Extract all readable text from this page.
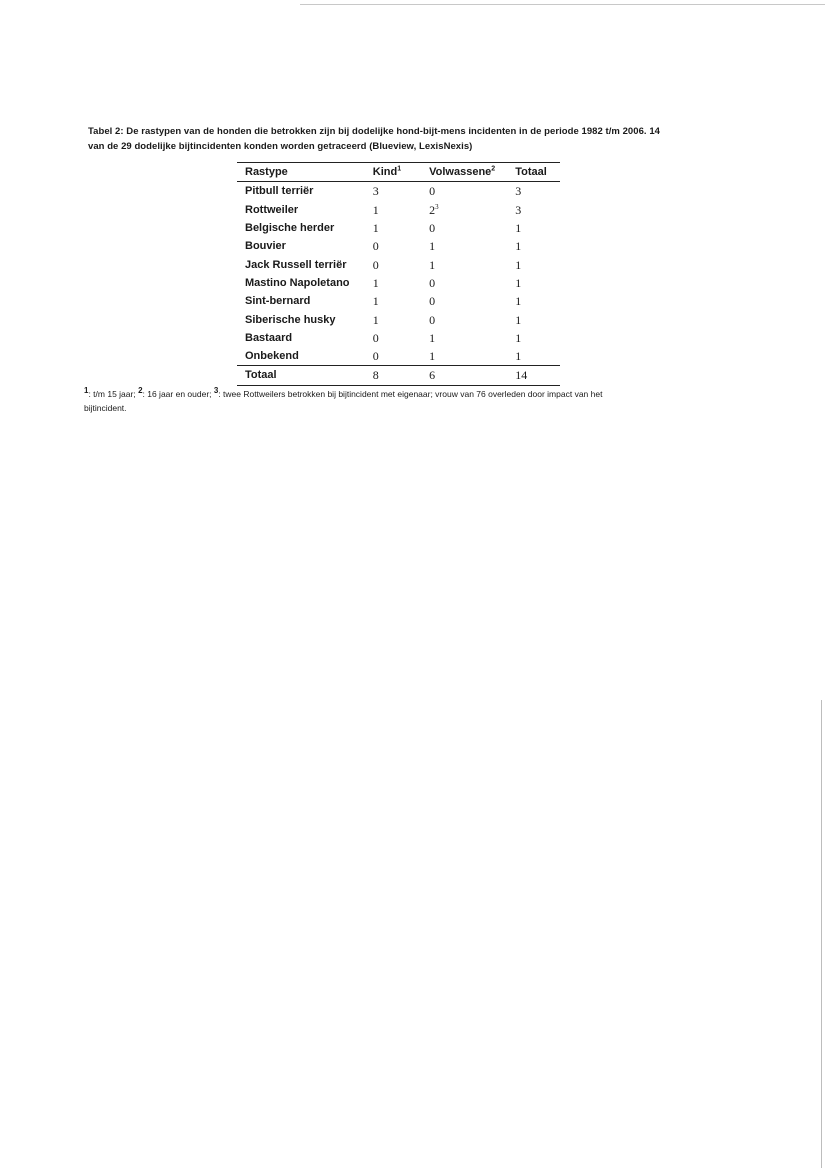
Tabel 2: De rastypen van de honden die betrokken zijn bij dodelijke hond-bijt-mens incidenten in de periode 1982 t/m 2006. 14

van de 29 dodelijke bijtincidenten konden worden getraceerd (Blueview, LexisNexis)

Rastype	Kind$^1$	Volwassene$^2$	Totaal
Pitbull terriër	3	0	3
Rottweiler	1	$2^3$	3
Belgische herder	1	0	1
Bouvier	0	1	1
Jack Russell terriër	0	1	1
Mastino Napoletano	1	0	1
Sint-bernard	1	0	1
Siberische husky	1	0	1
Bastaard	0	1	1
Onbekend	0	1	1
Totaal	8	6	14
$^1$: t/m 15 jaar; $^2$: 16 jaar en ouder; $^3$: twee Rottweilers betrokken bij bijtincident met eigenaar; vrouw van 76 overleden door impact van het
bijtincident.
